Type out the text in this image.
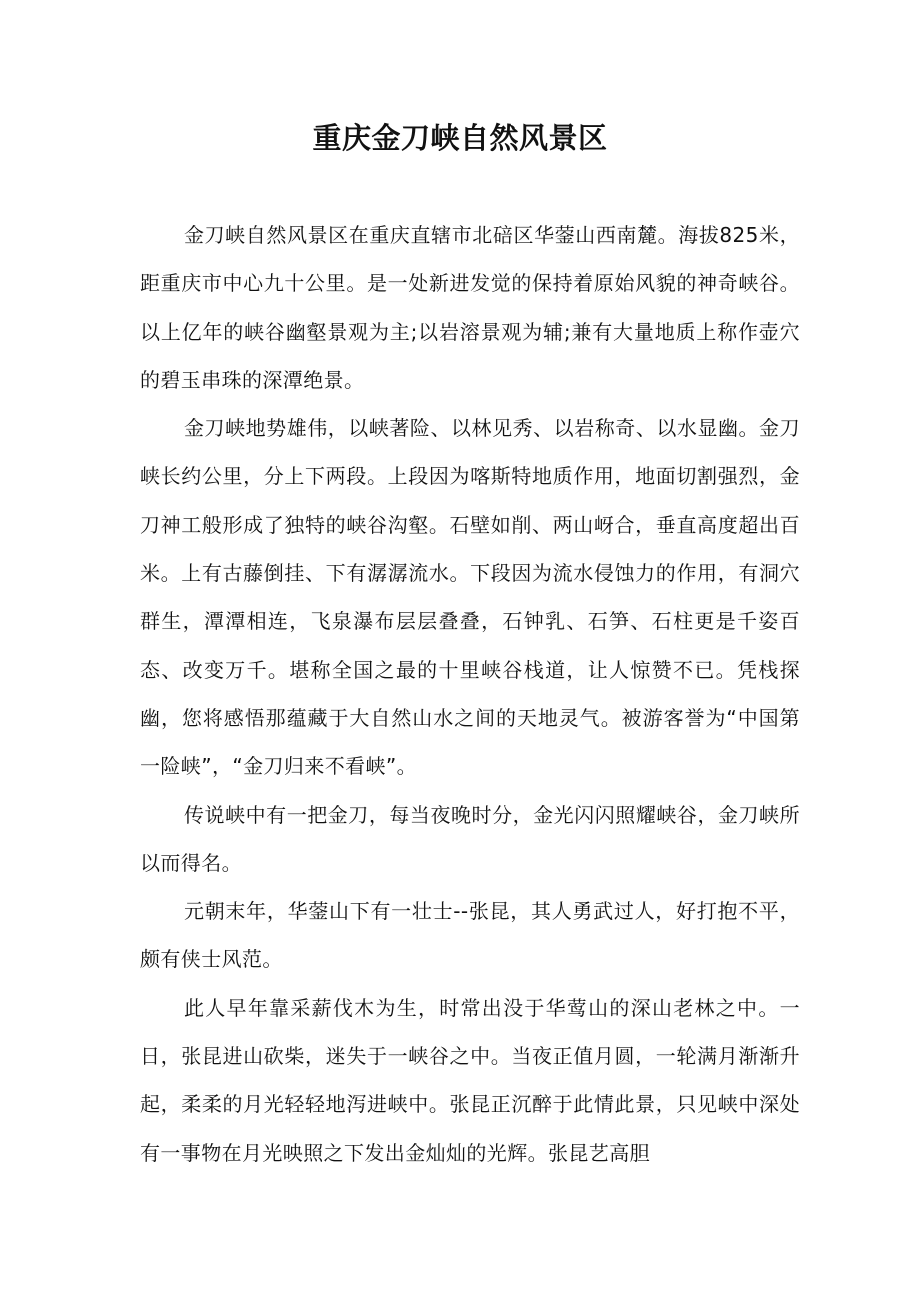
重庆金刀峡自然风景区

金刀峡自然风景区在重庆直辖市北碚区华蓥山西南麓。海拔825米，距重庆市中心九十公里。是一处新进发觉的保持着原始风貌的神奇峡谷。以上亿年的峡谷幽壑景观为主;以岩溶景观为辅;兼有大量地质上称作壶穴的碧玉串珠的深潭绝景。

金刀峡地势雄伟，以峡著险、以林见秀、以岩称奇、以水显幽。金刀峡长约公里，分上下两段。上段因为喀斯特地质作用，地面切割强烈，金刀神工般形成了独特的峡谷沟壑。石壁如削、两山岈合，垂直高度超出百米。上有古藤倒挂、下有潺潺流水。下段因为流水侵蚀力的作用，有洞穴群生，潭潭相连，飞泉瀑布层层叠叠，石钟乳、石笋、石柱更是千姿百态、改变万千。堪称全国之最的十里峡谷栈道，让人惊赞不已。凭栈探幽，您将感悟那蕴藏于大自然山水之间的天地灵气。被游客誉为“中国第一险峡”，“金刀归来不看峡”。

传说峡中有一把金刀，每当夜晚时分，金光闪闪照耀峡谷，金刀峡所以而得名。

元朝末年，华蓥山下有一壮士--张昆，其人勇武过人，好打抱不平，颇有侠士风范。

此人早年靠采薪伐木为生，时常出没于华莺山的深山老林之中。一日，张昆进山砍柴，迷失于一峡谷之中。当夜正值月圆，一轮满月渐渐升起，柔柔的月光轻轻地泻进峡中。张昆正沉醉于此情此景，只见峡中深处有一事物在月光映照之下发出金灿灿的光辉。张昆艺高胆
